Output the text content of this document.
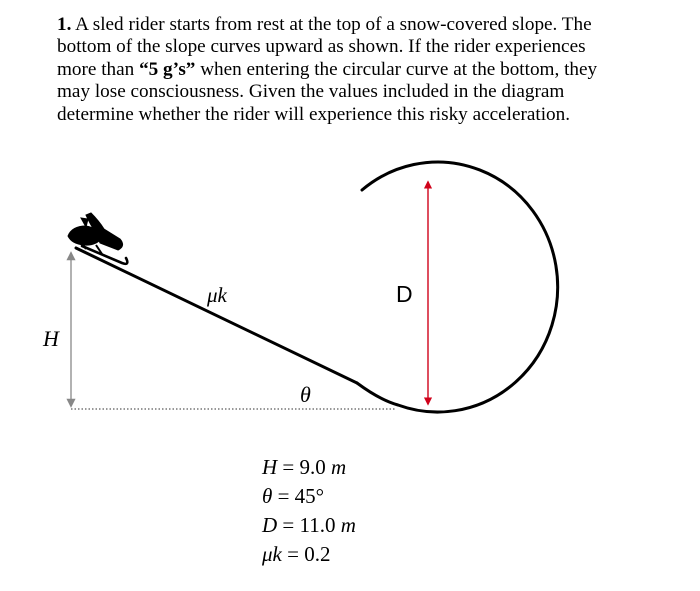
1. A sled rider starts from rest at the top of a snow-covered slope. The
bottom of the slope curves upward as shown. If the rider experiences
more than “5 g’s” when entering the circular curve at the bottom, they
may lose consciousness. Given the values included in the diagram
determine whether the rider will experience this risky acceleration.
H
μk
θ
D
H = 9.0 m
θ = 45°
D = 11.0 m
μk = 0.2
